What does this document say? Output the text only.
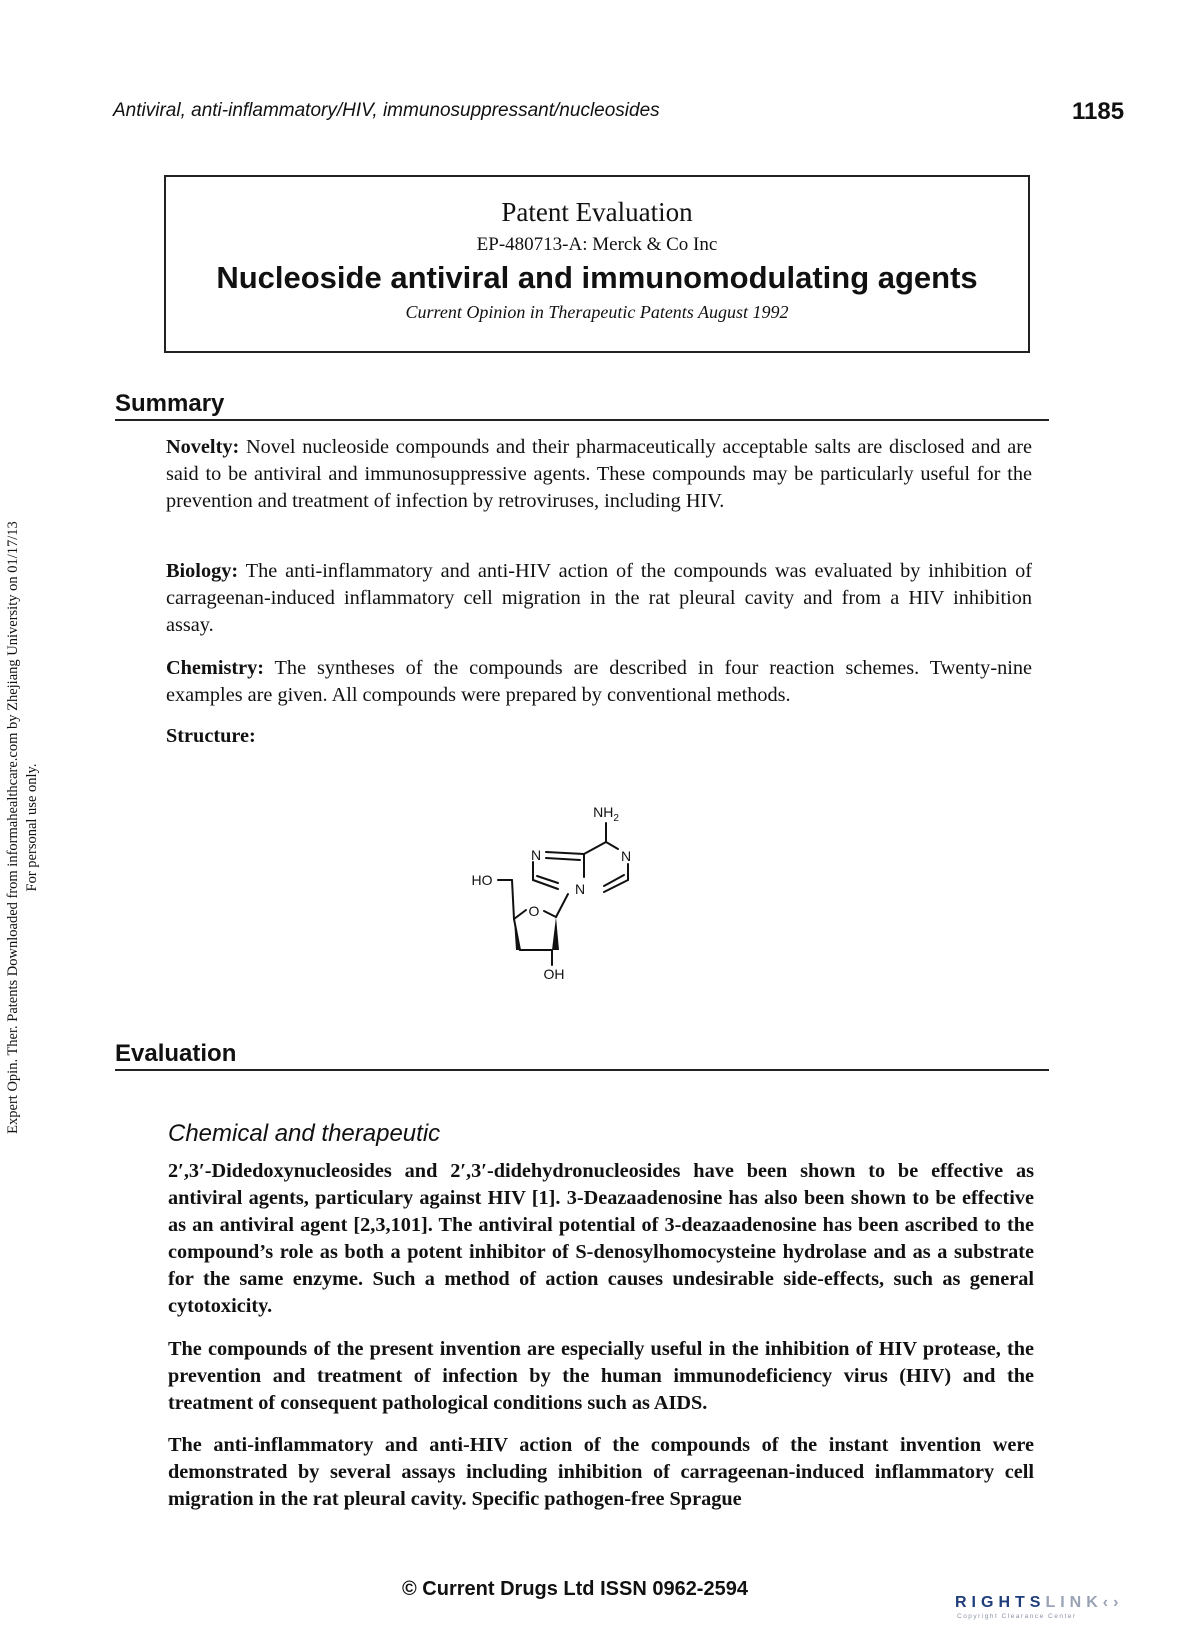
Antiviral, anti-inflammatory/HIV, immunosuppressant/nucleosides	1185
Expert Opin. Ther. Patents Downloaded from informahealthcare.com by Zhejiang University on 01/17/13 For personal use only.
Patent Evaluation
EP-480713-A: Merck & Co Inc
Nucleoside antiviral and immunomodulating agents
Current Opinion in Therapeutic Patents August 1992
Summary

Novelty: Novel nucleoside compounds and their pharmaceutically acceptable salts are disclosed and are said to be antiviral and immunosuppressive agents. These compounds may be particularly useful for the prevention and treatment of infection by retroviruses, including HIV.

Biology: The anti-inflammatory and anti-HIV action of the compounds was evaluated by inhibition of carrageenan-induced inflammatory cell migration in the rat pleural cavity and from a HIV inhibition assay.

Chemistry: The syntheses of the compounds are described in four reaction schemes. Twenty-nine examples are given. All compounds were prepared by conventional methods.

Structure:

$NH_2$
N
N
N
O
HO
OH
Evaluation
Chemical and therapeutic

2′,3′-Didedoxynucleosides and 2′,3′-didehydronucleosides have been shown to be effective as antiviral agents, particulary against HIV [1]. 3-Deazaadenosine has also been shown to be effective as an antiviral agent [2,3,101]. The antiviral potential of 3-deazaadenosine has been ascribed to the compound’s role as both a potent inhibitor of S-denosylhomocysteine hydrolase and as a substrate for the same enzyme. Such a method of action causes undesirable side-effects, such as general cytotoxicity.

The compounds of the present invention are especially useful in the inhibition of HIV protease, the prevention and treatment of infection by the human immunodeficiency virus (HIV) and the treatment of consequent pathological conditions such as AIDS.

The anti-inflammatory and anti-HIV action of the compounds of the instant invention were demonstrated by several assays including inhibition of carrageenan-induced inflammatory cell migration in the rat pleural cavity. Specific pathogen-free Sprague

© Current Drugs Ltd ISSN 0962-2594
RIGHTSLINK‹›
Copyright Clearance Center
